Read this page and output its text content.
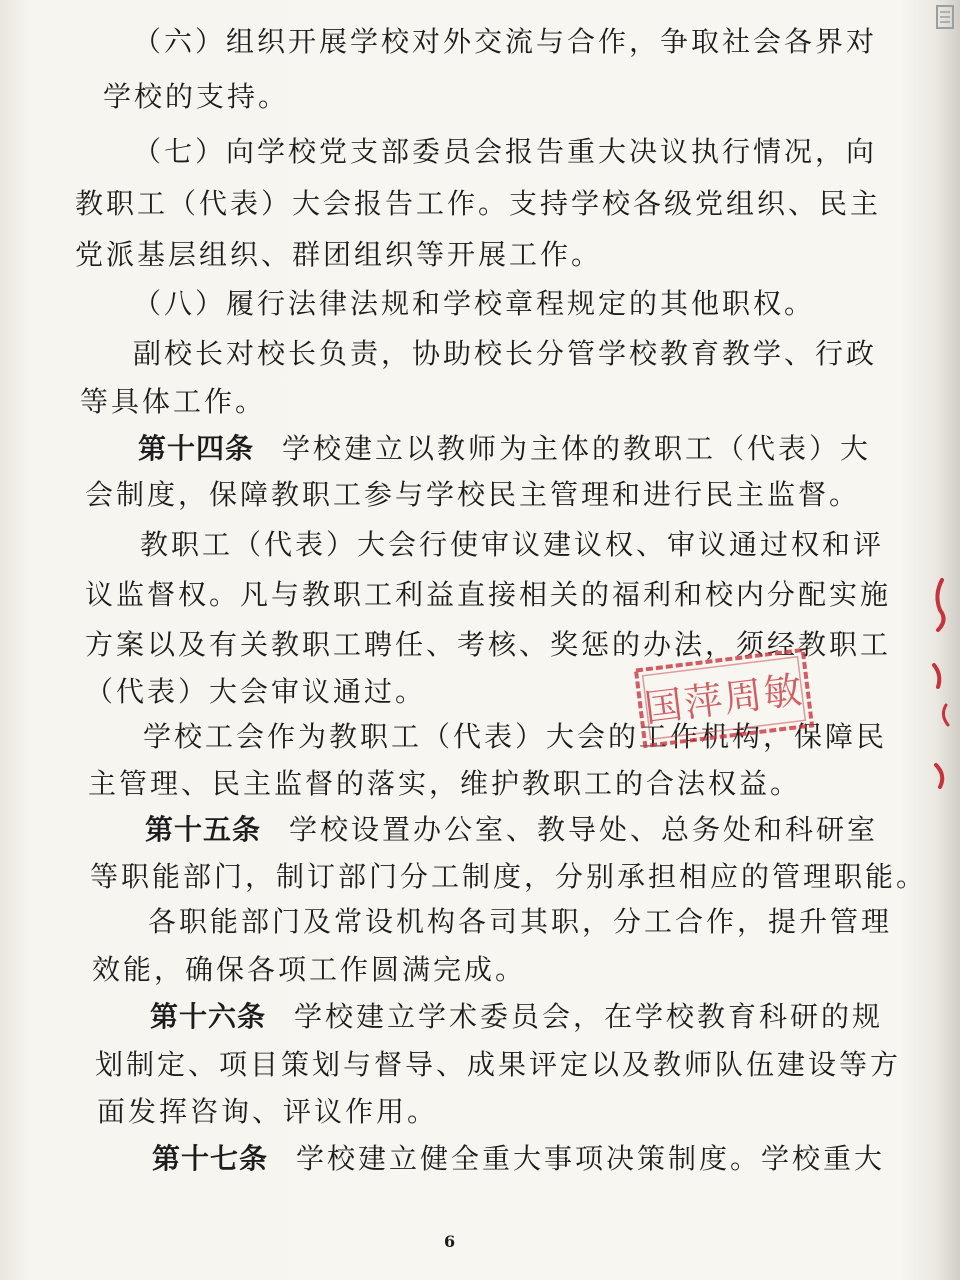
（六）组织开展学校对外交流与合作，争取社会各界对
学校的支持。
（七）向学校党支部委员会报告重大决议执行情况，向
教职工（代表）大会报告工作。支持学校各级党组织、民主
党派基层组织、群团组织等开展工作。
（八）履行法律法规和学校章程规定的其他职权。
副校长对校长负责，协助校长分管学校教育教学、行政
等具体工作。
第十四条 学校建立以教师为主体的教职工（代表）大
会制度，保障教职工参与学校民主管理和进行民主监督。
教职工（代表）大会行使审议建议权、审议通过权和评
议监督权。凡与教职工利益直接相关的福利和校内分配实施
方案以及有关教职工聘任、考核、奖惩的办法，须经教职工
（代表）大会审议通过。
学校工会作为教职工（代表）大会的工作机构，保障民
主管理、民主监督的落实，维护教职工的合法权益。
第十五条 学校设置办公室、教导处、总务处和科研室
等职能部门，制订部门分工制度，分别承担相应的管理职能。
各职能部门及常设机构各司其职，分工合作，提升管理
效能，确保各项工作圆满完成。
第十六条 学校建立学术委员会，在学校教育科研的规
划制定、项目策划与督导、成果评定以及教师队伍建设等方
面发挥咨询、评议作用。
第十七条 学校建立健全重大事项决策制度。学校重大
6
国萍周敏
